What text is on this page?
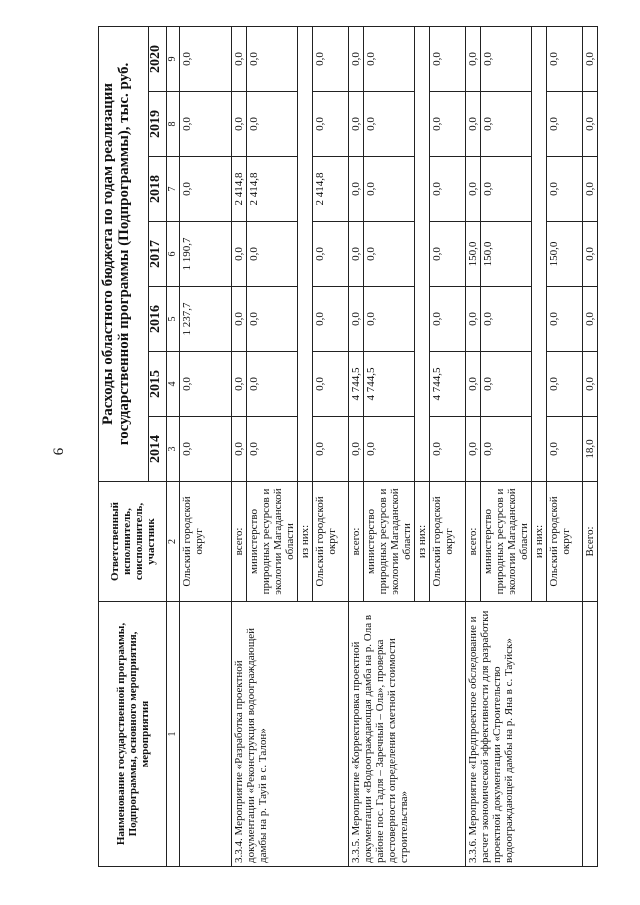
9
Наименование государственной программы, Подпрограммы, основного мероприятия, мероприятия	Ответственный исполнитель, соисполнитель, участник	Расходы областного бюджета по годам реализации государственной программы (Подпрограммы), тыс. руб.						
		2014	2015	2016	2017	2018	2019	2020
1	2	3	4	5	6	7	8	9
	Ольский городской округ	0,0	0,0	1 237,7	1 190,7	0,0	0,0	0,0
3.3.4. Мероприятие «Разработка проектной документации «Реконструкция водоограждающей дамбы на р. Тауй в с. Талон»	всего:	0,0	0,0	0,0	0,0	2 414,8	0,0	0,0
	министерство природных ресурсов и экологии Магаданской области	0,0	0,0	0,0	0,0	2 414,8	0,0	0,0
	из них:							
	Ольский городской округ	0,0	0,0	0,0	0,0	2 414,8	0,0	0,0
3.3.5. Мероприятие «Корректировка проектной документации «Водоограждающая дамба на р. Ола в районе пос. Гадля – Заречный – Ола», проверка достоверности определения сметной стоимости строительства»	всего:	0,0	4 744,5	0,0	0,0	0,0	0,0	0,0
	министерство природных ресурсов и экологии Магаданской области	0,0	4 744,5	0,0	0,0	0,0	0,0	0,0
	из них:							
	Ольский городской округ	0,0	4 744,5	0,0	0,0	0,0	0,0	0,0
3.3.6. Мероприятие «Предпроектное обследование и расчет экономической эффективности для разработки проектной документации «Строительство водоограждающей дамбы на р. Яна в с. Тауйск»	всего:	0,0	0,0	0,0	150,0	0,0	0,0	0,0
	министерство природных ресурсов и экологии Магаданской области	0,0	0,0	0,0	150,0	0,0	0,0	0,0
	из них:							
	Ольский городской округ	0,0	0,0	0,0	150,0	0,0	0,0	0,0
	Всего:	18,0	0,0	0,0	0,0	0,0	0,0	0,0
